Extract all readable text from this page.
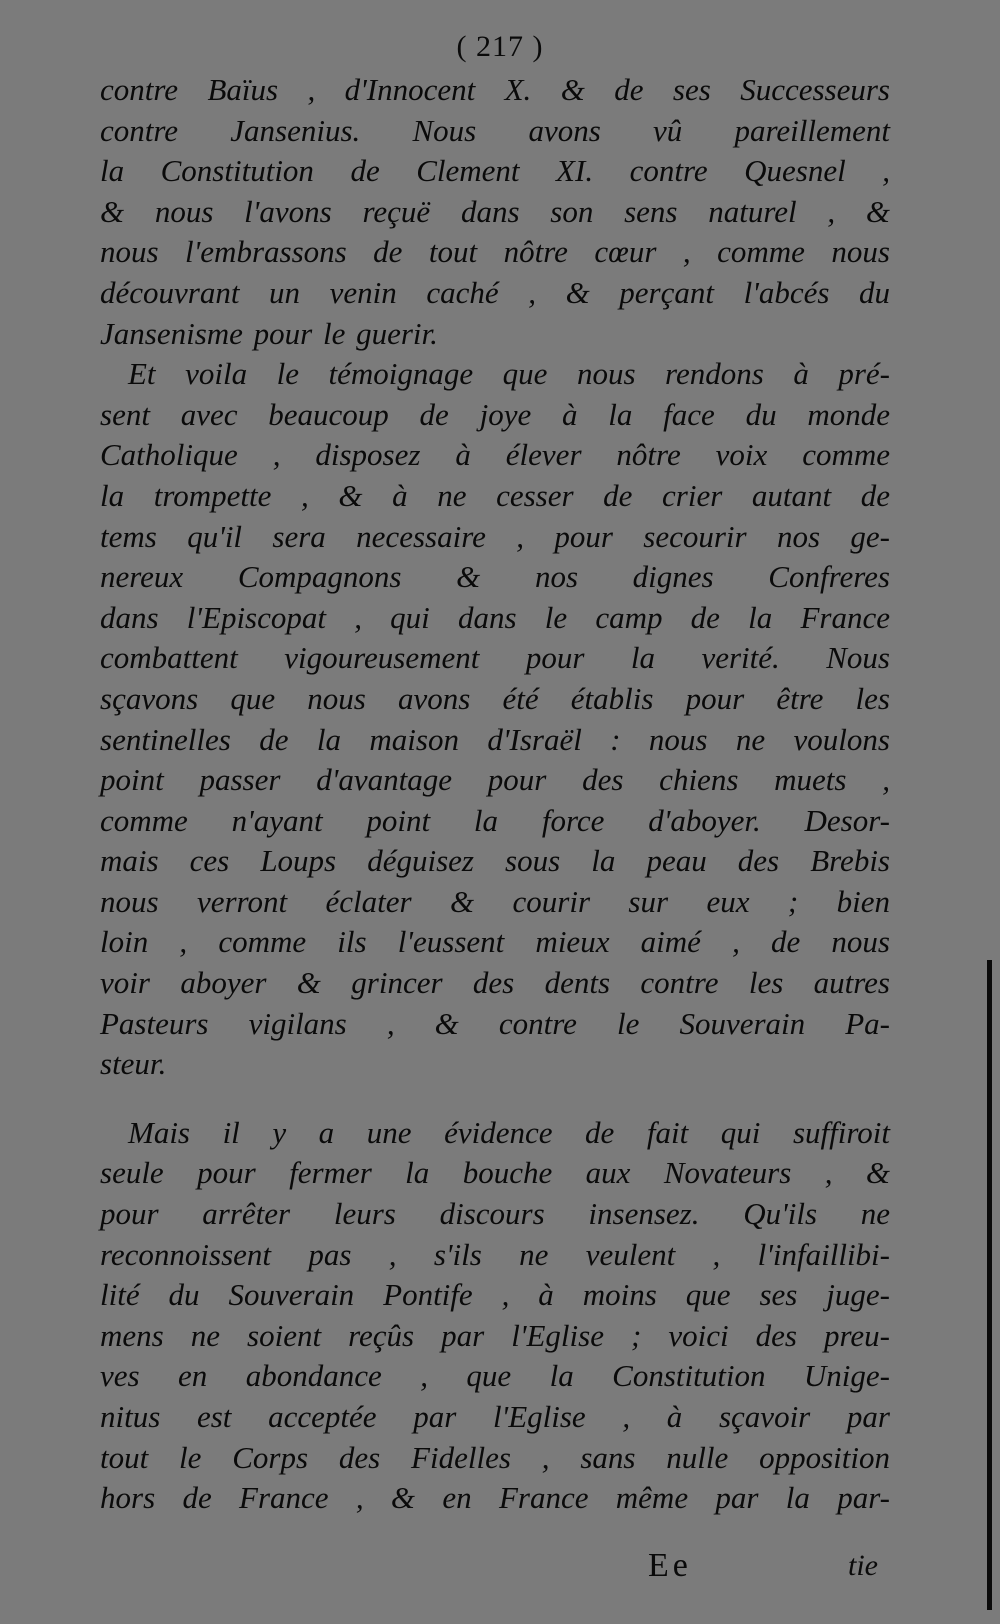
( 217 )
contre Baïus , d'Innocent X. & de ses Successeurs
contre Jansenius. Nous avons vû pareillement
la Constitution de Clement XI. contre Quesnel ,
& nous l'avons reçuë dans son sens naturel , &
nous l'embrassons de tout nôtre cœur , comme nous
découvrant un venin caché , & perçant l'abcés du
Jansenisme pour le guerir.
Et voila le témoignage que nous rendons à pré-
sent avec beaucoup de joye à la face du monde
Catholique , disposez à élever nôtre voix comme
la trompette , & à ne cesser de crier autant de
tems qu'il sera necessaire , pour secourir nos ge-
nereux Compagnons & nos dignes Confreres
dans l'Episcopat , qui dans le camp de la France
combattent vigoureusement pour la verité. Nous
sçavons que nous avons été établis pour être les
sentinelles de la maison d'Israël : nous ne voulons
point passer d'avantage pour des chiens muets ,
comme n'ayant point la force d'aboyer. Desor-
mais ces Loups déguisez sous la peau des Brebis
nous verront éclater & courir sur eux ; bien
loin , comme ils l'eussent mieux aimé , de nous
voir aboyer & grincer des dents contre les autres
Pasteurs vigilans , & contre le Souverain Pa-
steur.
Mais il y a une évidence de fait qui suffiroit
seule pour fermer la bouche aux Novateurs , &
pour arrêter leurs discours insensez. Qu'ils ne
reconnoissent pas , s'ils ne veulent , l'infaillibi-
lité du Souverain Pontife , à moins que ses juge-
mens ne soient reçûs par l'Eglise ; voici des preu-
ves en abondance , que la Constitution Unige-
nitus est acceptée par l'Eglise , à sçavoir par
tout le Corps des Fidelles , sans nulle opposition
hors de France , & en France même par la par-
Ee	tie
